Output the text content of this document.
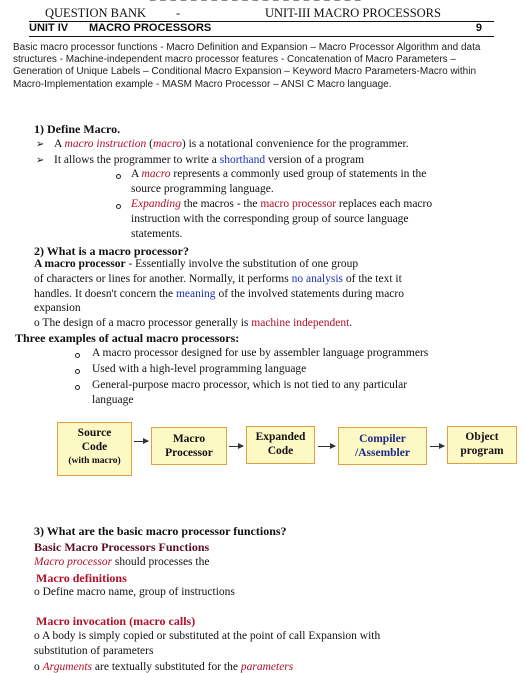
– – – – – – – – – – – – – – – – – – – – –
QUESTION BANK -	UNIT-III MACRO PROCESSORS
UNIT IV MACRO PROCESSORS	9
Basic macro processor functions - Macro Definition and Expansion – Macro Processor Algorithm and data structures - Machine-independent macro processor features - Concatenation of Macro Parameters – Generation of Unique Labels – Conditional Macro Expansion – Keyword Macro Parameters-Macro within Macro-Implementation example - MASM Macro Processor – ANSI C Macro language.
1) Define Macro.
➢ A macro instruction (macro) is a notational convenience for the programmer.
➢ It allows the programmer to write a shorthand version of a program
A macro represents a commonly used group of statements in the
source programming language.
Expanding the macros - the macro processor replaces each macro
instruction with the corresponding group of source language
statements.
2) What is a macro processor?
A macro processor - Essentially involve the substitution of one group
of characters or lines for another. Normally, it performs no analysis of the text it
handles. It doesn't concern the meaning of the involved statements during macro
expansion
o The design of a macro processor generally is machine independent.
Three examples of actual macro processors:
A macro processor designed for use by assembler language programmers
Used with a high-level programming language
General-purpose macro processor, which is not tied to any particular
language
Source
Code
(with macro)
Macro
Processor
Expanded
Code
Compiler
/Assembler
Object
program
3) What are the basic macro processor functions?
Basic Macro Processors Functions
Macro processor should processes the
Macro definitions
o Define macro name, group of instructions
Macro invocation (macro calls)
o A body is simply copied or substituted at the point of call Expansion with
substitution of parameters
o Arguments are textually substituted for the parameters
